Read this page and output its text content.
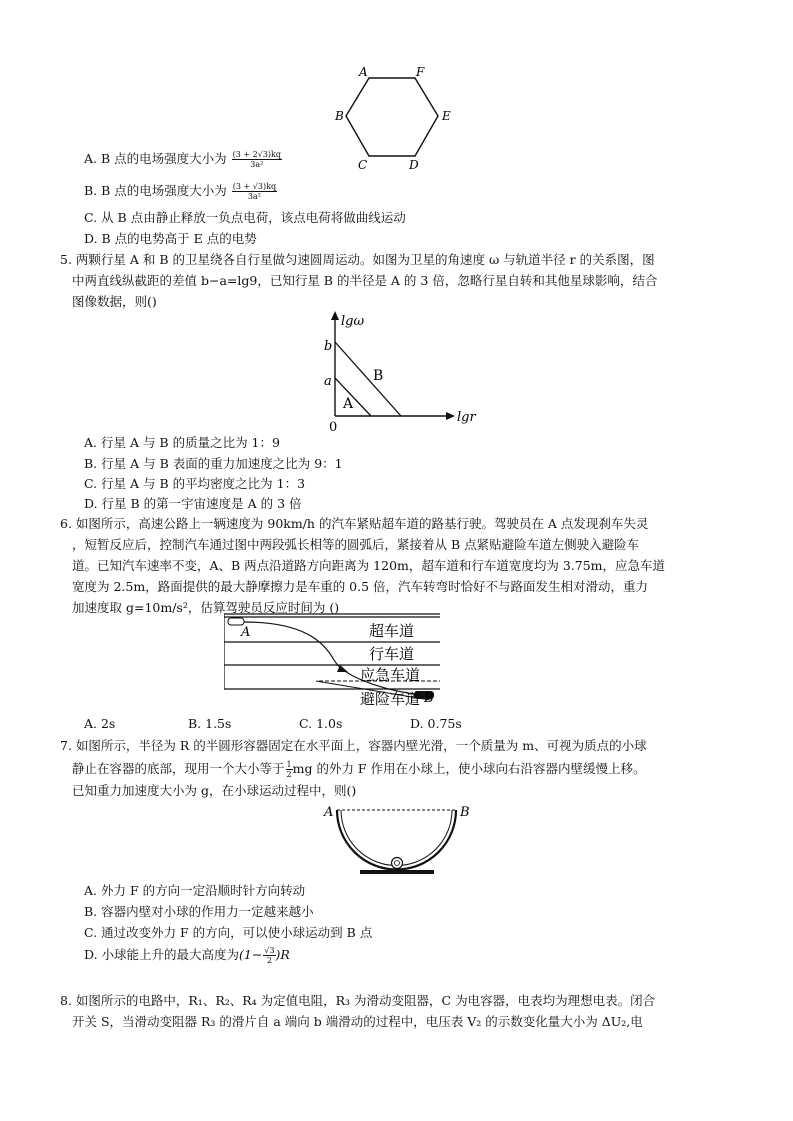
A	F
E
D
C
B
A. B 点的电场强度大小为 $\frac{(3 + 2√3)kq}{\text{3a²}}$
B. B 点的电场强度大小为 $\frac{(3 + √3)kq}{\text{3a²}}$
C. 从 B 点由静止释放一负点电荷，该点电荷将做曲线运动
D. B 点的电势高于 E 点的电势
5. 两颗行星 A 和 B 的卫星绕各自行星做匀速圆周运动。如图为卫星的角速度 ω 与轨道半径 r 的关系图，图
中两直线纵截距的差值 b−a=lg9，已知行星 B 的半径是 A 的 3 倍，忽略行星自转和其他星球影响，结合
图像数据，则()
lgω
lgr
0
b
a	B
A
A. 行星 A 与 B 的质量之比为 1：9
B. 行星 A 与 B 表面的重力加速度之比为 9：1
C. 行星 A 与 B 的平均密度之比为 1：3
D. 行星 B 的第一宇宙速度是 A 的 3 倍
6. 如图所示，高速公路上一辆速度为 90km/h 的汽车紧贴超车道的路基行驶。驾驶员在 A 点发现刹车失灵
，短暂反应后，控制汽车通过图中两段弧长相等的圆弧后，紧接着从 B 点紧贴避险车道左侧驶入避险车
道。已知汽车速率不变，A、B 两点沿道路方向距离为 120m，超车道和行车道宽度均为 3.75m，应急车道
宽度为 2.5m，路面提供的最大静摩擦力是车重的 0.5 倍，汽车转弯时恰好不与路面发生相对滑动，重力
加速度取 g=10m/s²，估算驾驶员反应时间为 ()
超车道
行车道
应急车道
避险车道
A
B
A. 2s	B. 1.5s	C. 1.0s	D. 0.75s
7. 如图所示，半径为 R 的半圆形容器固定在水平面上，容器内壁光滑，一个质量为 m、可视为质点的小球
静止在容器的底部，现用一个大小等于 $\frac{1}{2}$ mg 的外力 F 作用在小球上，使小球向右沿容器内壁缓慢上移。
已知重力加速度大小为 g，在小球运动过程中，则()
A	B
A. 外力 F 的方向一定沿顺时针方向转动
B. 容器内壁对小球的作用力一定越来越小
C. 通过改变外力 F 的方向，可以使小球运动到 B 点
D. 小球能上升的最大高度为$(1- \frac{√3}{2} )R$
8. 如图所示的电路中，R₁、R₂、R₄ 为定值电阻，R₃ 为滑动变阻器，C 为电容器，电表均为理想电表。闭合
开关 S，当滑动变阻器 R₃ 的滑片自 a 端向 b 端滑动的过程中，电压表 V₂ 的示数变化量大小为 ΔU₂,电
